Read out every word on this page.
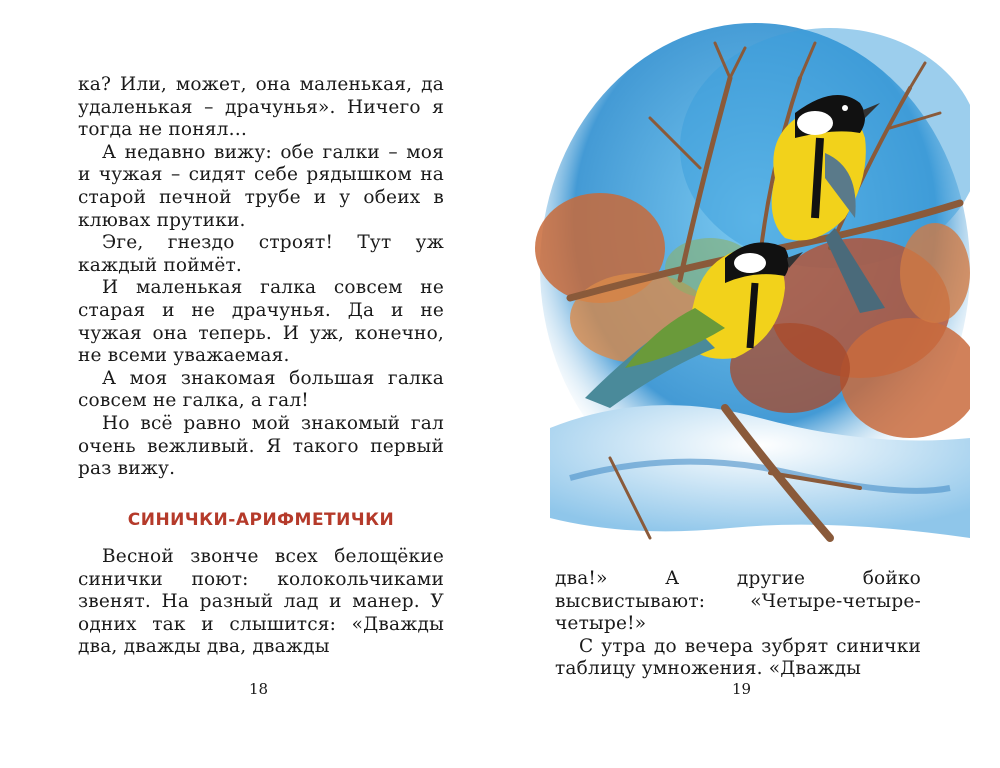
ка? Или, может, она маленькая, да удаленькая – драчунья». Ничего я тогда не понял…

А недавно вижу: обе галки – моя и чужая – сидят себе рядышком на старой печной трубе и у обеих в клювах прутики.

Эге, гнездо строят! Тут уж каждый поймёт.

И маленькая галка совсем не старая и не драчунья. Да и не чужая она теперь. И уж, конечно, не всеми уважаемая.

А моя знакомая большая галка совсем не галка, а гал!

Но всё равно мой знакомый гал очень вежливый. Я такого первый раз вижу.

СИНИЧКИ-АРИФМЕТИЧКИ

Весной звонче всех белощёкие синички поют: колокольчиками звенят. На разный лад и манер. У одних так и слышится: «Дважды два, дважды два, дважды

18

два!» А другие бойко высвистывают: «Четыре-четыре-четыре!»

С утра до вечера зубрят синички таблицу умножения. «Дважды

19
